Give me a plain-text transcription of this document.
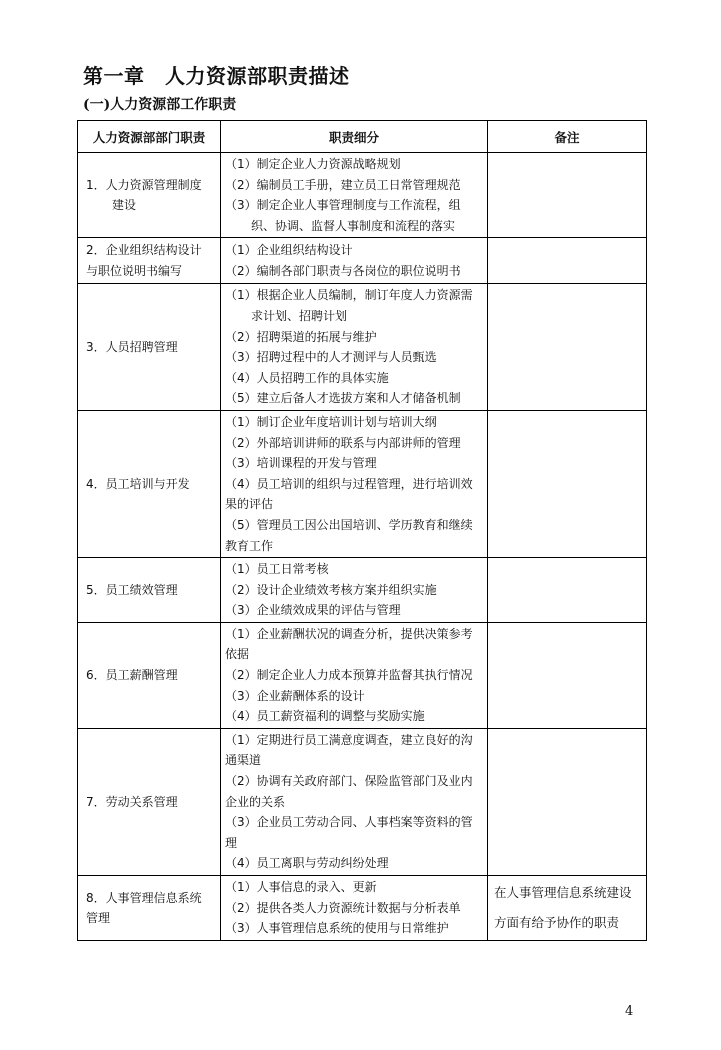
第一章　人力资源部职责描述
(一)人力资源部工作职责
人力资源部部门职责	职责细分	备注

1．人力资源管理制度建设	（1）制定企业人力资源战略规划
（2）编制员工手册，建立员工日常管理规范
（3）制定企业人事管理制度与工作流程，组织、协调、监督人事制度和流程的落实	

2．企业组织结构设计与职位说明书编写	（1）企业组织结构设计
（2）编制各部门职责与各岗位的职位说明书	

3．人员招聘管理	（1）根据企业人员编制，制订年度人力资源需求计划、招聘计划
（2）招聘渠道的拓展与维护
（3）招聘过程中的人才测评与人员甄选
（4）人员招聘工作的具体实施
（5）建立后备人才选拔方案和人才储备机制	

4．员工培训与开发	（1）制订企业年度培训计划与培训大纲
（2）外部培训讲师的联系与内部讲师的管理
（3）培训课程的开发与管理
（4）员工培训的组织与过程管理，进行培训效果的评估
（5）管理员工因公出国培训、学历教育和继续教育工作	

5．员工绩效管理	（1）员工日常考核
（2）设计企业绩效考核方案并组织实施
（3）企业绩效成果的评估与管理	

6．员工薪酬管理	（1）企业薪酬状况的调查分析，提供决策参考依据
（2）制定企业人力成本预算并监督其执行情况
（3）企业薪酬体系的设计
（4）员工薪资福利的调整与奖励实施	

7．劳动关系管理	（1）定期进行员工满意度调查，建立良好的沟通渠道
（2）协调有关政府部门、保险监管部门及业内企业的关系
（3）企业员工劳动合同、人事档案等资料的管理
（4）员工离职与劳动纠纷处理	

8．人事管理信息系统管理	（1）人事信息的录入、更新
（2）提供各类人力资源统计数据与分析表单
（3）人事管理信息系统的使用与日常维护	在人事管理信息系统建设方面有给予协作的职责
4
